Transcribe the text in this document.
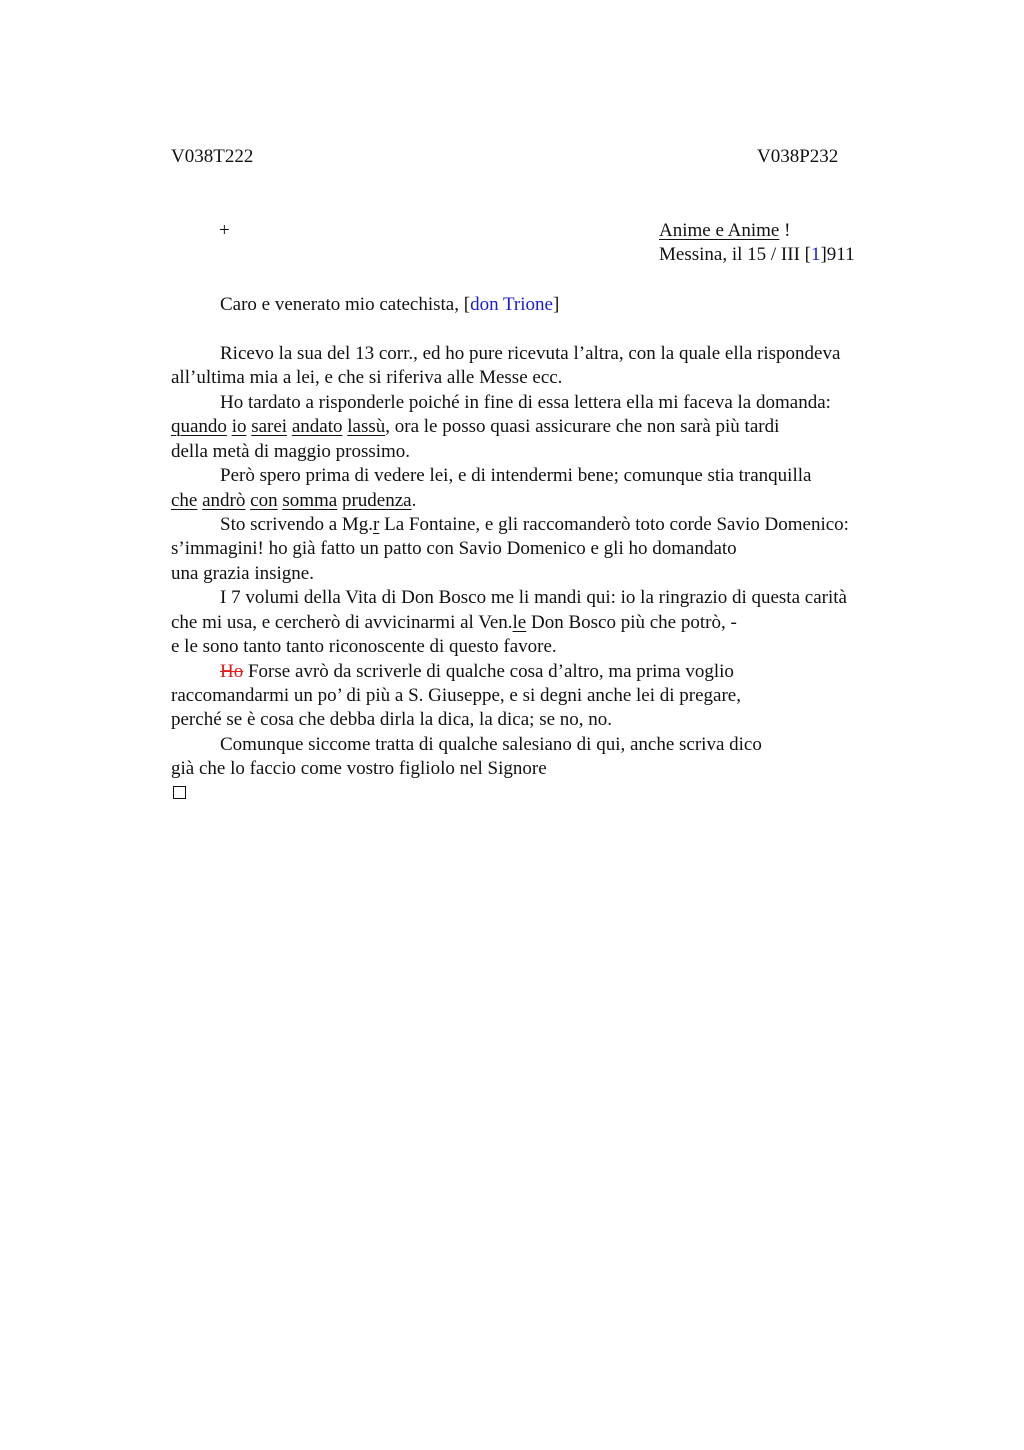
V038T222	V038P232
+	Anime e Anime !
Messina, il 15 / III [1]911
Caro e venerato mio catechista, [don Trione]
Ricevo la sua del 13 corr., ed ho pure ricevuta l’altra, con la quale ella rispondeva
all’ultima mia a lei, e che si riferiva alle Messe ecc.
Ho tardato a risponderle poiché in fine di essa lettera ella mi faceva la domanda:
quando io sarei andato lassù, ora le posso quasi assicurare che non sarà più tardi
della metà di maggio prossimo.
Però spero prima di vedere lei, e di intendermi bene; comunque stia tranquilla
che andrò con somma prudenza.
Sto scrivendo a Mg.r La Fontaine, e gli raccomanderò toto corde Savio Domenico:
s’immagini! ho già fatto un patto con Savio Domenico e gli ho domandato
una grazia insigne.
I 7 volumi della Vita di Don Bosco me li mandi qui: io la ringrazio di questa carità
che mi usa, e cercherò di avvicinarmi al Ven.le Don Bosco più che potrò, -
e le sono tanto tanto riconoscente di questo favore.
Ho Forse avrò da scriverle di qualche cosa d’altro, ma prima voglio
raccomandarmi un po’ di più a S. Giuseppe, e si degni anche lei di pregare,
perché se è cosa che debba dirla la dica, la dica; se no, no.
Comunque siccome tratta di qualche salesiano di qui, anche scriva dico
già che lo faccio come vostro figliolo nel Signore
